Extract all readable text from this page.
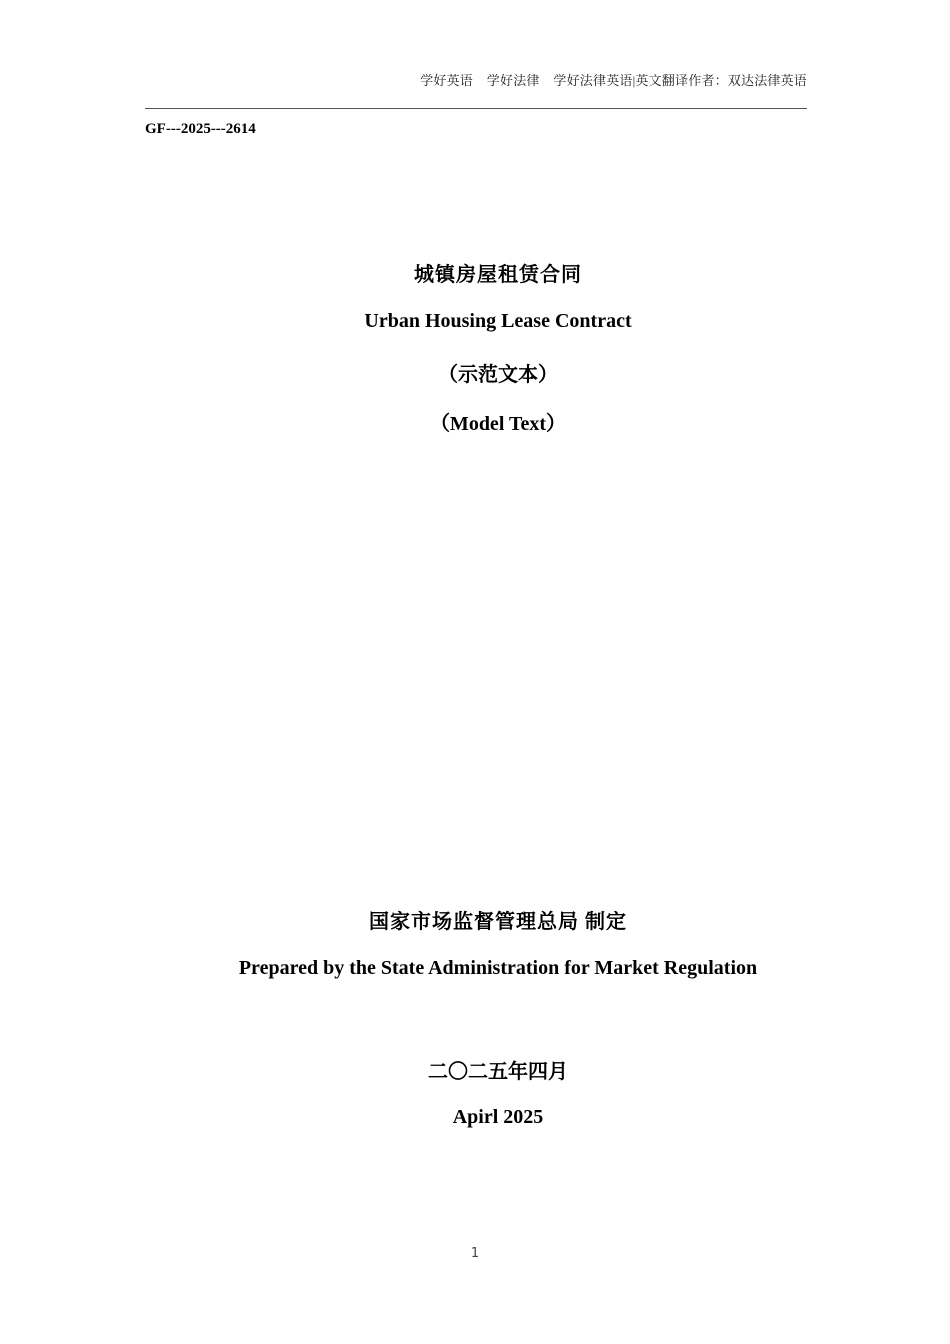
学好英语    学好法律    学好法律英语|英文翻译作者：双达法律英语
GF---2025---2614
城镇房屋租赁合同
Urban Housing Lease Contract
（示范文本）
（Model Text）
国家市场监督管理总局 制定
Prepared by the State Administration for Market Regulation
二〇二五年四月
Apirl 2025
1
